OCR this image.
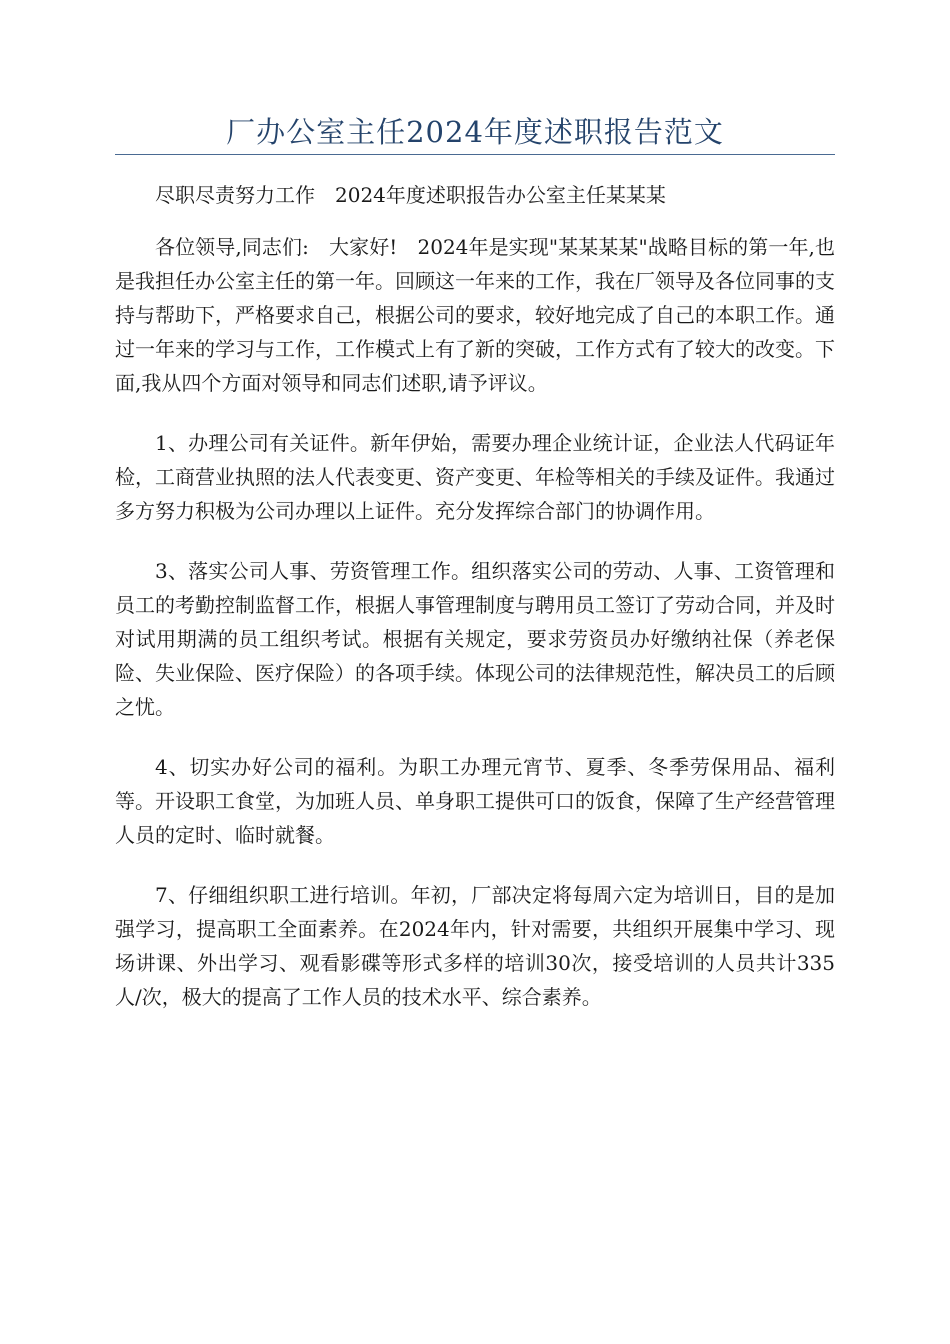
厂办公室主任2024年度述职报告范文

尽职尽责努力工作　2024年度述职报告办公室主任某某某

各位领导,同志们:　大家好!　2024年是实现"某某某某"战略目标的第一年,也是我担任办公室主任的第一年。回顾这一年来的工作，我在厂领导及各位同事的支持与帮助下，严格要求自己，根据公司的要求，较好地完成了自己的本职工作。通过一年来的学习与工作，工作模式上有了新的突破，工作方式有了较大的改变。下面,我从四个方面对领导和同志们述职,请予评议。

1、办理公司有关证件。新年伊始，需要办理企业统计证，企业法人代码证年检，工商营业执照的法人代表变更、资产变更、年检等相关的手续及证件。我通过多方努力积极为公司办理以上证件。充分发挥综合部门的协调作用。

3、落实公司人事、劳资管理工作。组织落实公司的劳动、人事、工资管理和员工的考勤控制监督工作，根据人事管理制度与聘用员工签订了劳动合同，并及时对试用期满的员工组织考试。根据有关规定，要求劳资员办好缴纳社保（养老保险、失业保险、医疗保险）的各项手续。体现公司的法律规范性，解决员工的后顾之忧。

4、切实办好公司的福利。为职工办理元宵节、夏季、冬季劳保用品、福利等。开设职工食堂，为加班人员、单身职工提供可口的饭食，保障了生产经营管理人员的定时、临时就餐。

7、仔细组织职工进行培训。年初，厂部决定将每周六定为培训日，目的是加强学习，提高职工全面素养。在2024年内，针对需要，共组织开展集中学习、现场讲课、外出学习、观看影碟等形式多样的培训30次，接受培训的人员共计335人/次，极大的提高了工作人员的技术水平、综合素养。
